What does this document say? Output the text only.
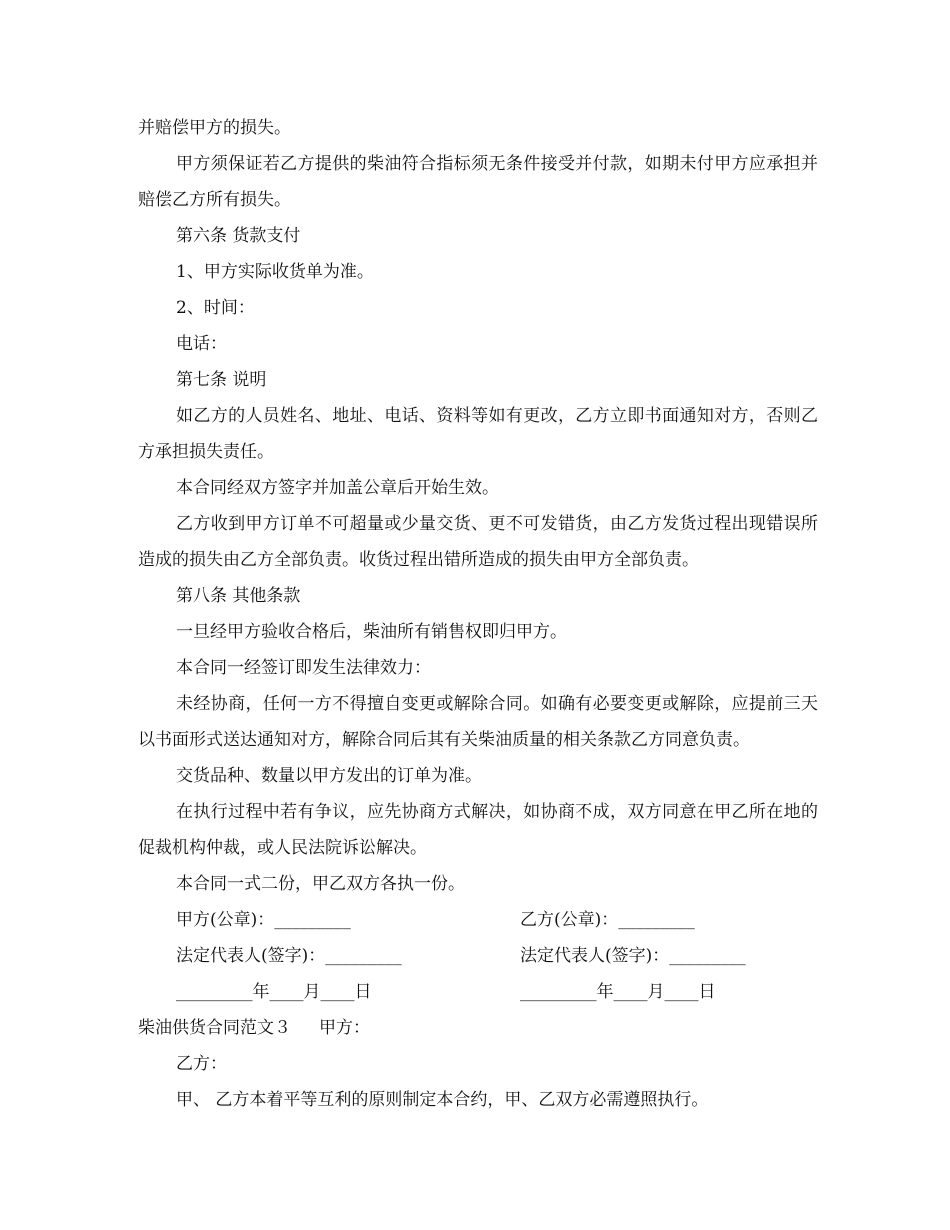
并赔偿甲方的损失。

甲方须保证若乙方提供的柴油符合指标须无条件接受并付款，如期未付甲方应承担并赔偿乙方所有损失。

第六条 货款支付

1、甲方实际收货单为准。

2、时间：

电话：

第七条 说明

如乙方的人员姓名、地址、电话、资料等如有更改，乙方立即书面通知对方，否则乙方承担损失责任。

本合同经双方签字并加盖公章后开始生效。

乙方收到甲方订单不可超量或少量交货、更不可发错货，由乙方发货过程出现错误所造成的损失由乙方全部负责。收货过程出错所造成的损失由甲方全部负责。

第八条 其他条款

一旦经甲方验收合格后，柴油所有销售权即归甲方。

本合同一经签订即发生法律效力：

未经协商，任何一方不得擅自变更或解除合同。如确有必要变更或解除，应提前三天以书面形式送达通知对方，解除合同后其有关柴油质量的相关条款乙方同意负责。

交货品种、数量以甲方发出的订单为准。

在执行过程中若有争议，应先协商方式解决，如协商不成，双方同意在甲乙所在地的促裁机构仲裁，或人民法院诉讼解决。

本合同一式二份，甲乙双方各执一份。

甲方(公章)：_________	乙方(公章)：_________
法定代表人(签字)：_________	法定代表人(签字)：_________
_________年____月____日	_________年____月____日
柴油供货合同范文３ 甲方：

乙方：

甲、 乙方本着平等互利的原则制定本合约，甲、乙双方必需遵照执行。
